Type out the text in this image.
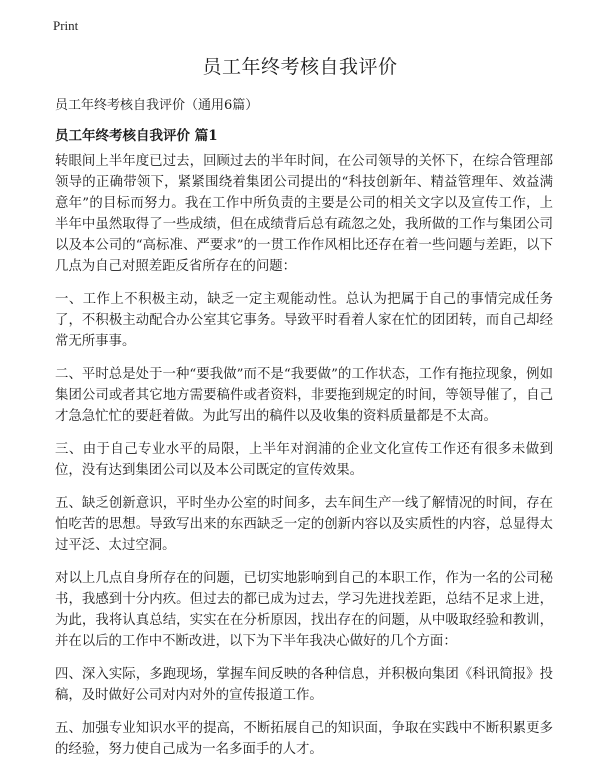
Print
员工年终考核自我评价

员工年终考核自我评价（通用6篇）

员工年终考核自我评价 篇1

转眼间上半年度已过去，回顾过去的半年时间，在公司领导的关怀下，在综合管理部领导的正确带领下，紧紧围绕着集团公司提出的“科技创新年、精益管理年、效益满意年”的目标而努力。我在工作中所负责的主要是公司的相关文字以及宣传工作，上半年中虽然取得了一些成绩，但在成绩背后总有疏忽之处，我所做的工作与集团公司以及本公司的“高标准、严要求”的一贯工作作风相比还存在着一些问题与差距，以下几点为自己对照差距反省所存在的问题：

一、工作上不积极主动，缺乏一定主观能动性。总认为把属于自己的事情完成任务了，不积极主动配合办公室其它事务。导致平时看着人家在忙的团团转，而自己却经常无所事事。

二、平时总是处于一种“要我做”而不是“我要做”的工作状态，工作有拖拉现象，例如集团公司或者其它地方需要稿件或者资料，非要拖到规定的时间，等领导催了，自己才急急忙忙的要赶着做。为此写出的稿件以及收集的资料质量都是不太高。

三、由于自己专业水平的局限，上半年对润浦的企业文化宣传工作还有很多未做到位，没有达到集团公司以及本公司既定的宣传效果。

五、缺乏创新意识，平时坐办公室的时间多，去车间生产一线了解情况的时间，存在怕吃苦的思想。导致写出来的东西缺乏一定的创新内容以及实质性的内容，总显得太过平泛、太过空洞。

对以上几点自身所存在的问题，已切实地影响到自己的本职工作，作为一名的公司秘书，我感到十分内疚。但过去的都已成为过去，学习先进找差距，总结不足求上进，为此，我将认真总结，实实在在分析原因，找出存在的问题，从中吸取经验和教训，并在以后的工作中不断改进，以下为下半年我决心做好的几个方面：

四、深入实际，多跑现场，掌握车间反映的各种信息，并积极向集团《科讯简报》投稿，及时做好公司对内对外的宣传报道工作。

五、加强专业知识水平的提高，不断拓展自己的知识面，争取在实践中不断积累更多的经验，努力使自己成为一名多面手的人才。
